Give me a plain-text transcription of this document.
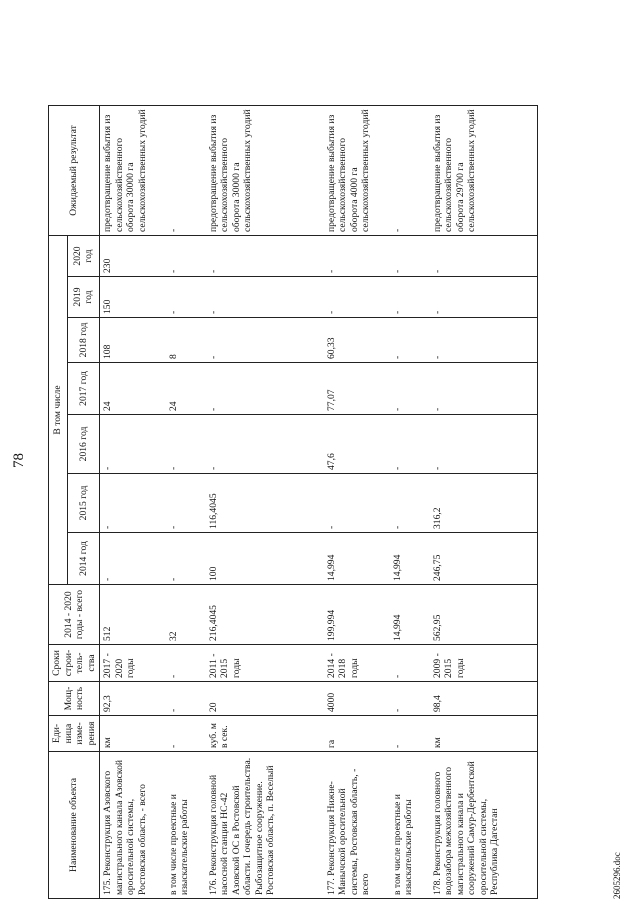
78
Наименование объекта	Еди-ница изме-рения	Мощ-ность	Сроки строи-тель-ства	2014 - 2020 годы - всего	В том числе							Ожидаемый результат
					2014 год	2015 год	2016 год	2017 год	2018 год	2019 год	2020 год	
175. Реконструкция Азовского магистрального канала Азовской оросительной системы, Ростовская область, - всего	км	92,3	2017 - 2020 годы	512	-	-	-	24	108	150	230	предотвращение выбытия из сельскохозяйственного оборота 30000 га сельскохозяйственных угодий
в том числе проектные и изыскательские работы	-	-	-	32	-	-	-	24	8	-	-	-
176. Реконструкция головной насосной станции НС-42 Азовской ОС в Ростовской области. I очередь строительства. Рыбозащитное сооружение. Ростовская область, п. Веселый	куб. м в сек.	20	2011 - 2015 годы	216,4045	100	116,4045	-	-	-	-	-	предотвращение выбытия из сельскохозяйственного оборота 30000 га сельскохозяйственных угодий
177. Реконструкция Нижне-Манычской оросительной системы, Ростовская область, - всего	га	4000	2014 - 2018 годы	199,994	14,994	-	47,6	77,07	60,33	-	-	предотвращение выбытия из сельскохозяйственного оборота 4000 га сельскохозяйственных угодий
в том числе проектные и изыскательские работы	-	-	-	14,994	14,994	-	-	-	-	-	-	-
178. Реконструкция головного водозабора межхозяйственного магистрального канала и сооружений Самур-Дербентской оросительной системы, Республика Дагестан	км	98,4	2009 - 2015 годы	562,95	246,75	316,2	-	-	-	-	-	предотвращение выбытия из сельскохозяйственного оборота 29700 га сельскохозяйственных угодий
2605296.doc
